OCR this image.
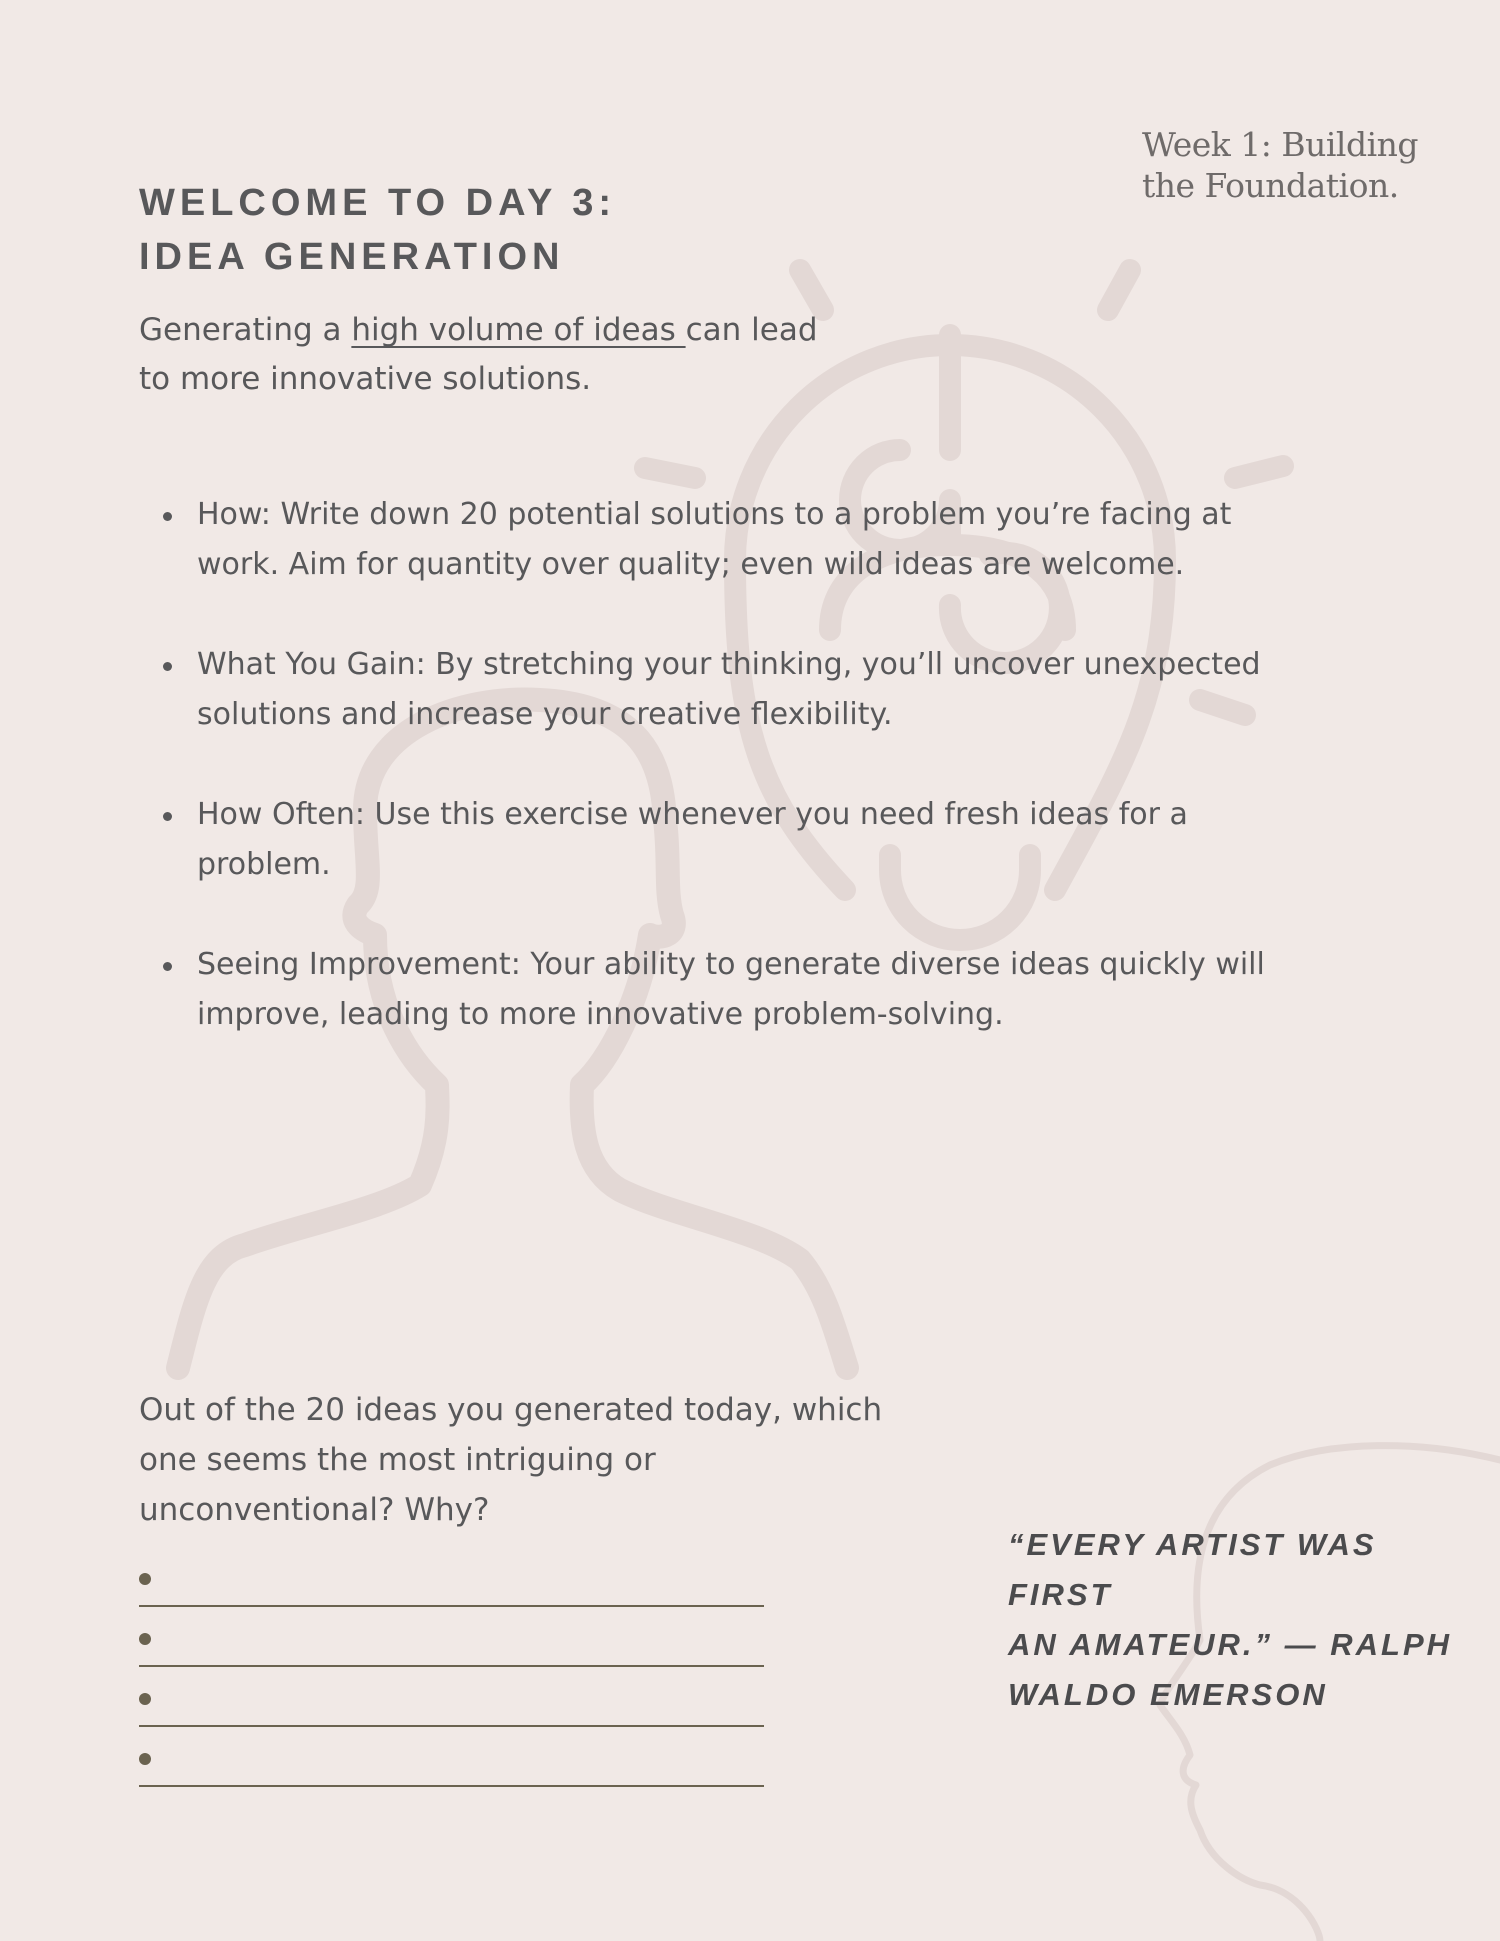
Week 1: Building
the Foundation.
WELCOME TO DAY 3:
IDEA GENERATION
Generating a high volume of ideas can lead
to more innovative solutions.
How: Write down 20 potential solutions to a problem you’re facing at
work. Aim for quantity over quality; even wild ideas are welcome.
What You Gain: By stretching your thinking, you’ll uncover unexpected
solutions and increase your creative flexibility.
How Often: Use this exercise whenever you need fresh ideas for a
problem.
Seeing Improvement: Your ability to generate diverse ideas quickly will
improve, leading to more innovative problem-solving.
Out of the 20 ideas you generated today, which
one seems the most intriguing or
unconventional? Why?
“EVERY ARTIST WAS FIRST
AN AMATEUR.” — RALPH
WALDO EMERSON
